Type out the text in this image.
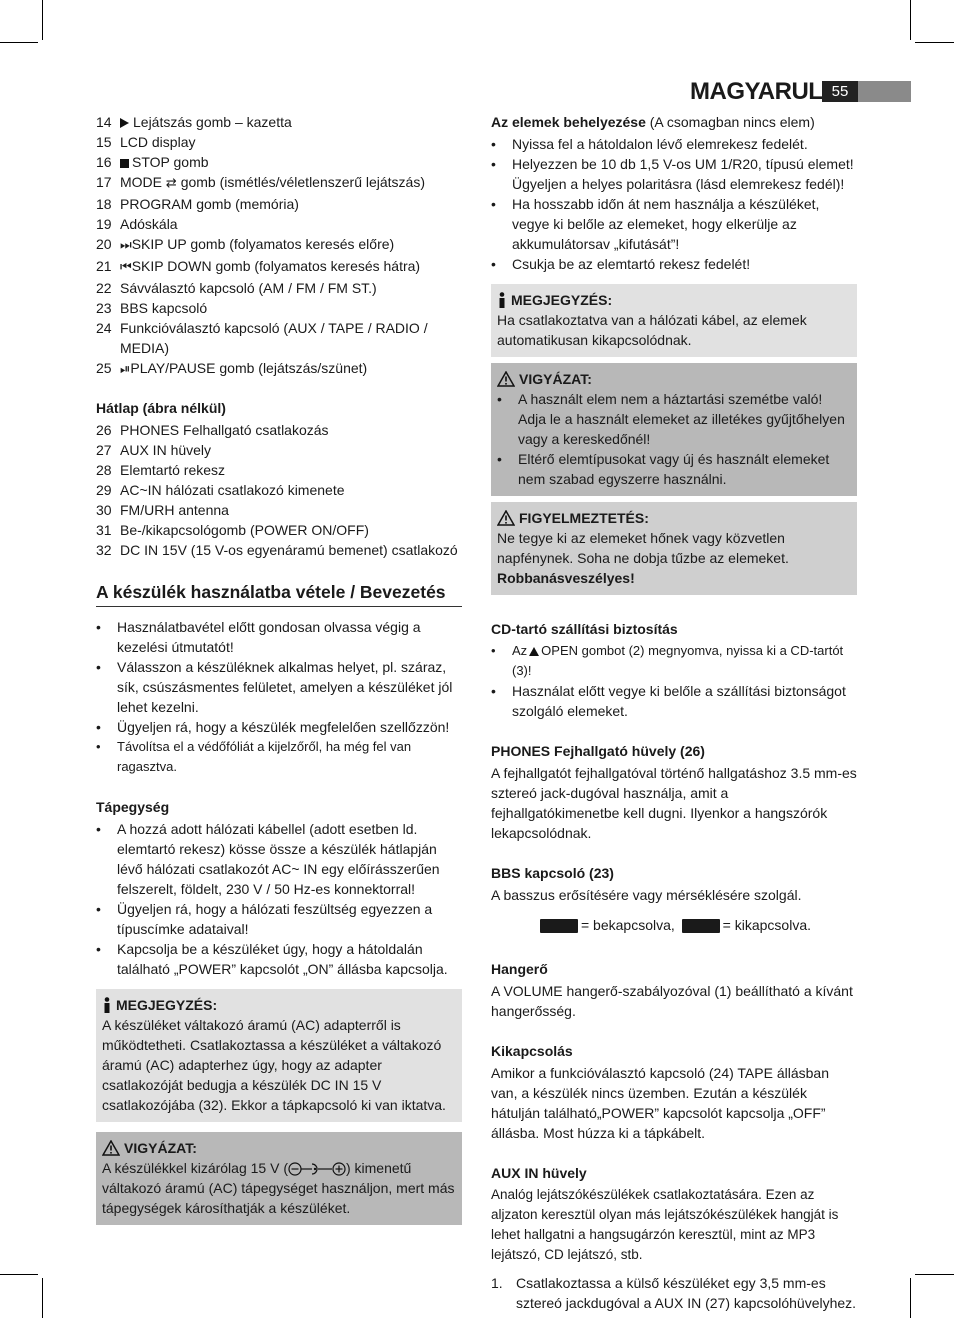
MAGYARUL 55
14	Lejátszás gomb – kazetta
15 LCD display
16	STOP gomb
17 MODE ⇄ gomb (ismétlés/véletlenszerű lejátszás)
18 PROGRAM gomb (memória)
19 Adóskála
20 ⏭SKIP UP gomb (folyamatos keresés előre)
21 ⏮SKIP DOWN gomb (folyamatos keresés hátra)
22 Sávválasztó kapcsoló (AM / FM / FM ST.)
23 BBS kapcsoló
24 Funkcióválasztó kapcsoló (AUX / TAPE / RADIO / MEDIA)
25 ⏯PLAY/PAUSE gomb (lejátszás/szünet)
Hátlap (ábra nélkül)
26 PHONES Felhallgató csatlakozás
27 AUX IN hüvely
28 Elemtartó rekesz
29 AC~IN hálózati csatlakozó kimenete
30 FM/URH antenna
31 Be-/kikapcsológomb (POWER ON/OFF)
32 DC IN 15V (15 V-os egyenáramú bemenet) csatlakozó
A készülék használatba vétele / Bevezetés
• Használatbavétel előtt gondosan olvassa végig a kezelési útmutatót!
• Válasszon a készüléknek alkalmas helyet, pl. száraz, sík, csúszásmentes felületet, amelyen a készüléket jól lehet kezelni.
• Ügyeljen rá, hogy a készülék megfelelően szellőzzön!
• Távolítsa el a védőfóliát a kijelzőről, ha még fel van ragasztva.
Tápegység
• A hozzá adott hálózati kábellel (adott esetben ld. elemtartó rekesz) kösse össze a készülék hátlapján lévő hálózati csatlakozót AC~ IN egy előírásszerűen felszerelt, földelt, 230 V / 50 Hz-es konnektorral!
• Ügyeljen rá, hogy a hálózati feszültség egyezzen a típuscímke adataival!
• Kapcsolja be a készüléket úgy, hogy a hátoldalán található „POWER” kapcsolót „ON” állásba kapcsolja.
MEGJEGYZÉS:
A készüléket váltakozó áramú (AC) adapterről is működtetheti. Csatlakoztassa a készüléket a váltakozó áramú (AC) adapterhez úgy, hogy az adapter csatlakozóját bedugja a készülék DC IN 15 V csatlakozójába (32). Ekkor a tápkapcsoló ki van iktatva.
VIGYÁZAT:
A készülékkel kizárólag 15 V (	) kimenetű váltakozó áramú (AC) tápegységet használjon, mert más tápegységek károsíthatják a készüléket.
Az elemek behelyezése (A csomagban nincs elem)
• Nyissa fel a hátoldalon lévő elemrekesz fedelét.
• Helyezzen be 10 db 1,5 V-os UM 1/R20, típusú elemet! Ügyeljen a helyes polaritásra (lásd elemrekesz fedél)!
• Ha hosszabb időn át nem használja a készüléket, vegye ki belőle az elemeket, hogy elkerülje az akkumulátorsav „kifutását”!
• Csukja be az elemtartó rekesz fedelét!
MEGJEGYZÉS:
Ha csatlakoztatva van a hálózati kábel, az elemek automatikusan kikapcsolódnak.
VIGYÁZAT:
• A használt elem nem a háztartási szemétbe való! Adja le a használt elemeket az illetékes gyűjtőhelyen vagy a kereskedőnél!
• Eltérő elemtípusokat vagy új és használt elemeket nem szabad egyszerre használni.
FIGYELMEZTETÉS:
Ne tegye ki az elemeket hőnek vagy közvetlen napfénynek. Soha ne dobja tűzbe az elemeket. Robbanásveszélyes!
CD-tartó szállítási biztosítás
• Az OPEN gombot (2) megnyomva, nyissa ki a CD-tartót (3)!
• Használat előtt vegye ki belőle a szállítási biztonságot szolgáló elemeket.
PHONES Fejhallgató hüvely (26)
A fejhallgatót fejhallgatóval történő hallgatáshoz 3.5 mm-es sztereó jack-dugóval használja, amit a fejhallgatókimenetbe kell dugni. Ilyenkor a hangszórók lekapcsolódnak.
BBS kapcsoló (23)
A basszus erősítésére vagy mérséklésére szolgál.
= bekapcsolva,	= kikapcsolva.
Hangerő
A VOLUME hangerő-szabályozóval (1) beállítható a kívánt hangerősség.
Kikapcsolás
Amikor a funkcióválasztó kapcsoló (24) TAPE állásban van, a készülék nincs üzemben. Ezután a készülék hátulján található„POWER” kapcsolót kapcsolja „OFF” állásba. Most húzza ki a tápkábelt.
AUX IN hüvely
Analóg lejátszókészülékek csatlakoztatására. Ezen az aljzaton keresztül olyan más lejátszókészülékek hangját is lehet hallgatni a hangsugárzón keresztül, mint az MP3 lejátszó, CD lejátszó, stb.
1. Csatlakoztassa a külső készüléket egy 3,5 mm-es sztereó jackdugóval a AUX IN (27) kapcsolóhüvelyhez.
